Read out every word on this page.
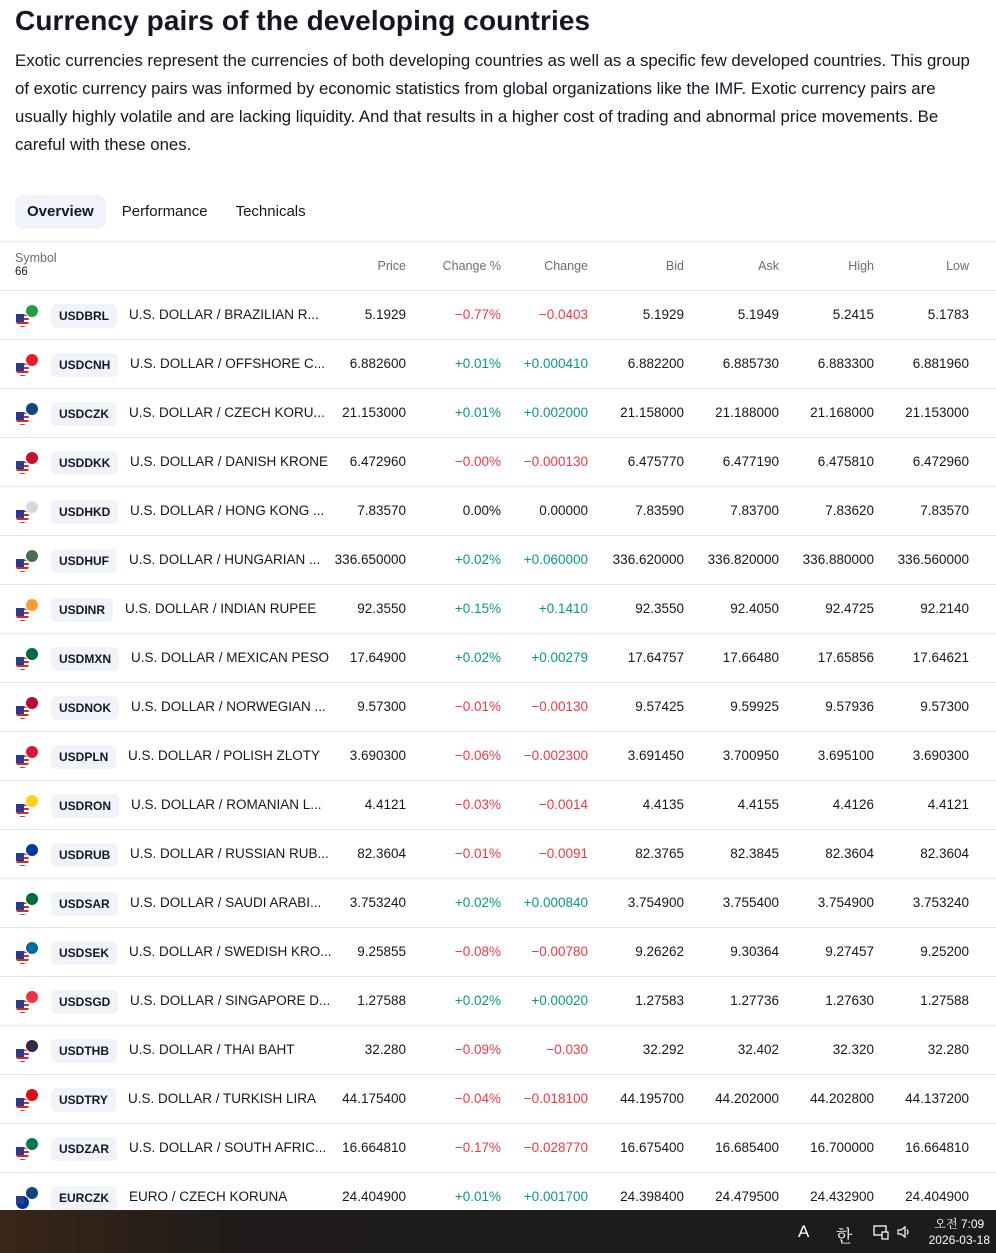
Currency pairs of the developing countries

Exotic currencies represent the currencies of both developing countries as well as a specific few developed countries. This group of exotic currency pairs was informed by economic statistics from global organizations like the IMF. Exotic currency pairs are usually highly volatile and are lacking liquidity. And that results in a higher cost of trading and abnormal price movements. Be careful with these ones.

Overview	Performance	Technicals
Symbol
66	Price	Change %	Change	Bid	Ask	High	Low
USDBRL	U.S. DOLLAR / BRAZILIAN R...	5.1929	−0.77%	−0.0403	5.1929	5.1949	5.2415	5.1783
USDCNH	U.S. DOLLAR / OFFSHORE C... 6.882600	+0.01% +0.000410	6.882200	6.885730	6.883300	6.881960
USDCZK	U.S. DOLLAR / CZECH KORU... 21.153000	+0.01% +0.002000 21.158000 21.188000 21.168000 21.153000
USDDKK	U.S. DOLLAR / DANISH KRONE 6.472960	−0.00% −0.000130	6.475770	6.477190	6.475810	6.472960
USDHKD	U.S. DOLLAR / HONG KONG ... 7.83570	0.00%	0.00000	7.83590	7.83700	7.83620	7.83570
USDHUF	U.S. DOLLAR / HUNGARIAN ... 336.650000	+0.02% +0.060000 336.620000 336.820000 336.880000 336.560000
USDINR	U.S. DOLLAR / INDIAN RUPEE	92.3550	+0.15%	+0.1410	92.3550	92.4050	92.4725	92.2140
USDMXN	U.S. DOLLAR / MEXICAN PESO 17.64900	+0.02% +0.00279	17.64757	17.66480	17.65856	17.64621
USDNOK	U.S. DOLLAR / NORWEGIAN ... 9.57300	−0.01% −0.00130	9.57425	9.59925	9.57936	9.57300
USDPLN	U.S. DOLLAR / POLISH ZLOTY 3.690300	−0.06% −0.002300	3.691450	3.700950	3.695100	3.690300
USDRON	U.S. DOLLAR / ROMANIAN L...	4.4121	−0.03%	−0.0014	4.4135	4.4155	4.4126	4.4121
USDRUB	U.S. DOLLAR / RUSSIAN RUB... 82.3604	−0.01%	−0.0091	82.3765	82.3845	82.3604	82.3604
USDSAR	U.S. DOLLAR / SAUDI ARABI... 3.753240	+0.02% +0.000840	3.754900	3.755400	3.754900	3.753240
USDSEK	U.S. DOLLAR / SWEDISH KRO... 9.25855	−0.08% −0.00780	9.26262	9.30364	9.27457	9.25200
USDSGD	U.S. DOLLAR / SINGAPORE D... 1.27588	+0.02% +0.00020	1.27583	1.27736	1.27630	1.27588
USDTHB	U.S. DOLLAR / THAI BAHT	32.280	−0.09%	−0.030	32.292	32.402	32.320	32.280
USDTRY	U.S. DOLLAR / TURKISH LIRA 44.175400	−0.04% −0.018100 44.195700 44.202000 44.202800 44.137200
USDZAR	U.S. DOLLAR / SOUTH AFRIC... 16.664810	−0.17% −0.028770 16.675400 16.685400 16.700000 16.664810
EURCZK	EURO / CZECH KORUNA	24.404900	+0.01% +0.001700 24.398400 24.479500 24.432900 24.404900
A 한
오전 7:09
2026-03-18
